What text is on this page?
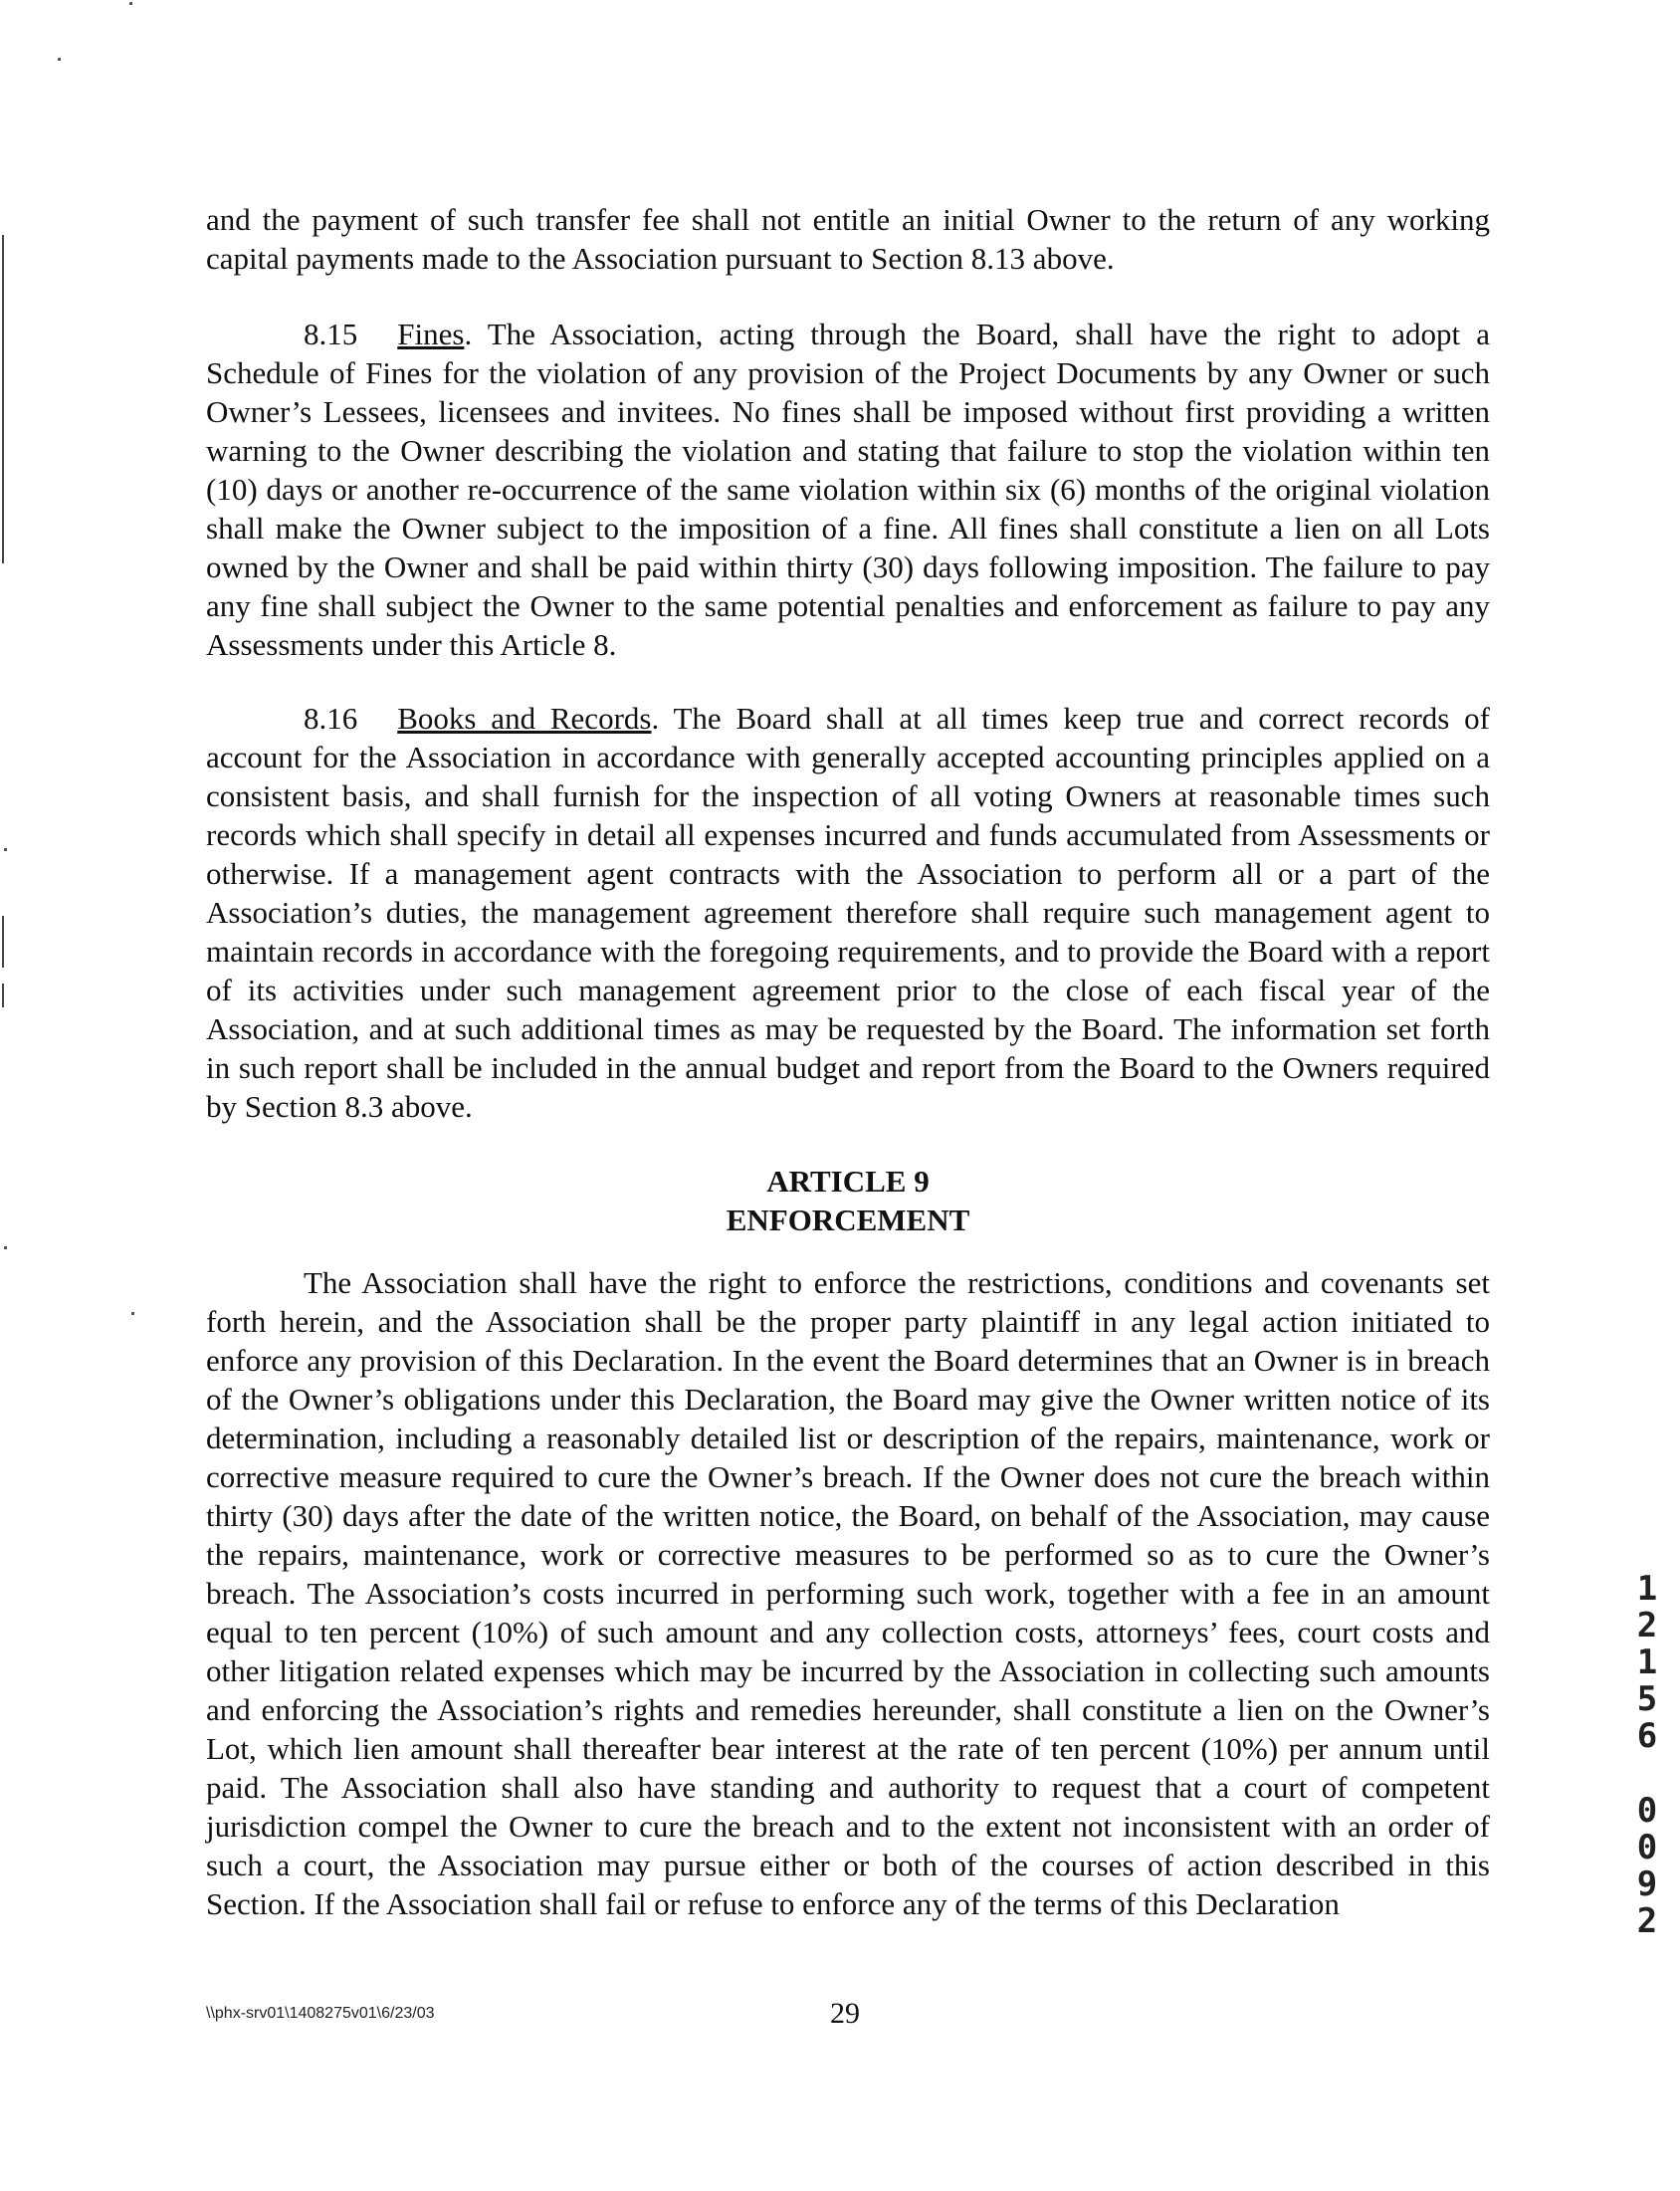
and the payment of such transfer fee shall not entitle an initial Owner to the return of any working capital payments made to the Association pursuant to Section 8.13 above.
8.15 Fines. The Association, acting through the Board, shall have the right to adopt a Schedule of Fines for the violation of any provision of the Project Documents by any Owner or such Owner’s Lessees, licensees and invitees. No fines shall be imposed without first providing a written warning to the Owner describing the violation and stating that failure to stop the violation within ten (10) days or another re-occurrence of the same violation within six (6) months of the original violation shall make the Owner subject to the imposition of a fine. All fines shall constitute a lien on all Lots owned by the Owner and shall be paid within thirty (30) days following imposition. The failure to pay any fine shall subject the Owner to the same potential penalties and enforcement as failure to pay any Assessments under this Article 8.
8.16 Books and Records. The Board shall at all times keep true and correct records of account for the Association in accordance with generally accepted accounting principles applied on a consistent basis, and shall furnish for the inspection of all voting Owners at reasonable times such records which shall specify in detail all expenses incurred and funds accumulated from Assessments or otherwise. If a management agent contracts with the Association to perform all or a part of the Association’s duties, the management agreement therefore shall require such management agent to maintain records in accordance with the foregoing requirements, and to provide the Board with a report of its activities under such management agreement prior to the close of each fiscal year of the Association, and at such additional times as may be requested by the Board. The information set forth in such report shall be included in the annual budget and report from the Board to the Owners required by Section 8.3 above.
ARTICLE 9
ENFORCEMENT
The Association shall have the right to enforce the restrictions, conditions and covenants set forth herein, and the Association shall be the proper party plaintiff in any legal action initiated to enforce any provision of this Declaration. In the event the Board determines that an Owner is in breach of the Owner’s obligations under this Declaration, the Board may give the Owner written notice of its determination, including a reasonably detailed list or description of the repairs, maintenance, work or corrective measure required to cure the Owner’s breach. If the Owner does not cure the breach within thirty (30) days after the date of the written notice, the Board, on behalf of the Association, may cause the repairs, maintenance, work or corrective measures to be performed so as to cure the Owner’s breach. The Association’s costs incurred in performing such work, together with a fee in an amount equal to ten percent (10%) of such amount and any collection costs, attorneys’ fees, court costs and other litigation related expenses which may be incurred by the Association in collecting such amounts and enforcing the Association’s rights and remedies hereunder, shall constitute a lien on the Owner’s Lot, which lien amount shall thereafter bear interest at the rate of ten percent (10%) per annum until paid. The Association shall also have standing and authority to request that a court of competent jurisdiction compel the Owner to cure the breach and to the extent not inconsistent with an order of such a court, the Association may pursue either or both of the courses of action described in this Section. If the Association shall fail or refuse to enforce any of the terms of this Declaration
1
2
1
5
6
0
0
9
2
\\phx-srv01\1408275v01\6/23/03	29
